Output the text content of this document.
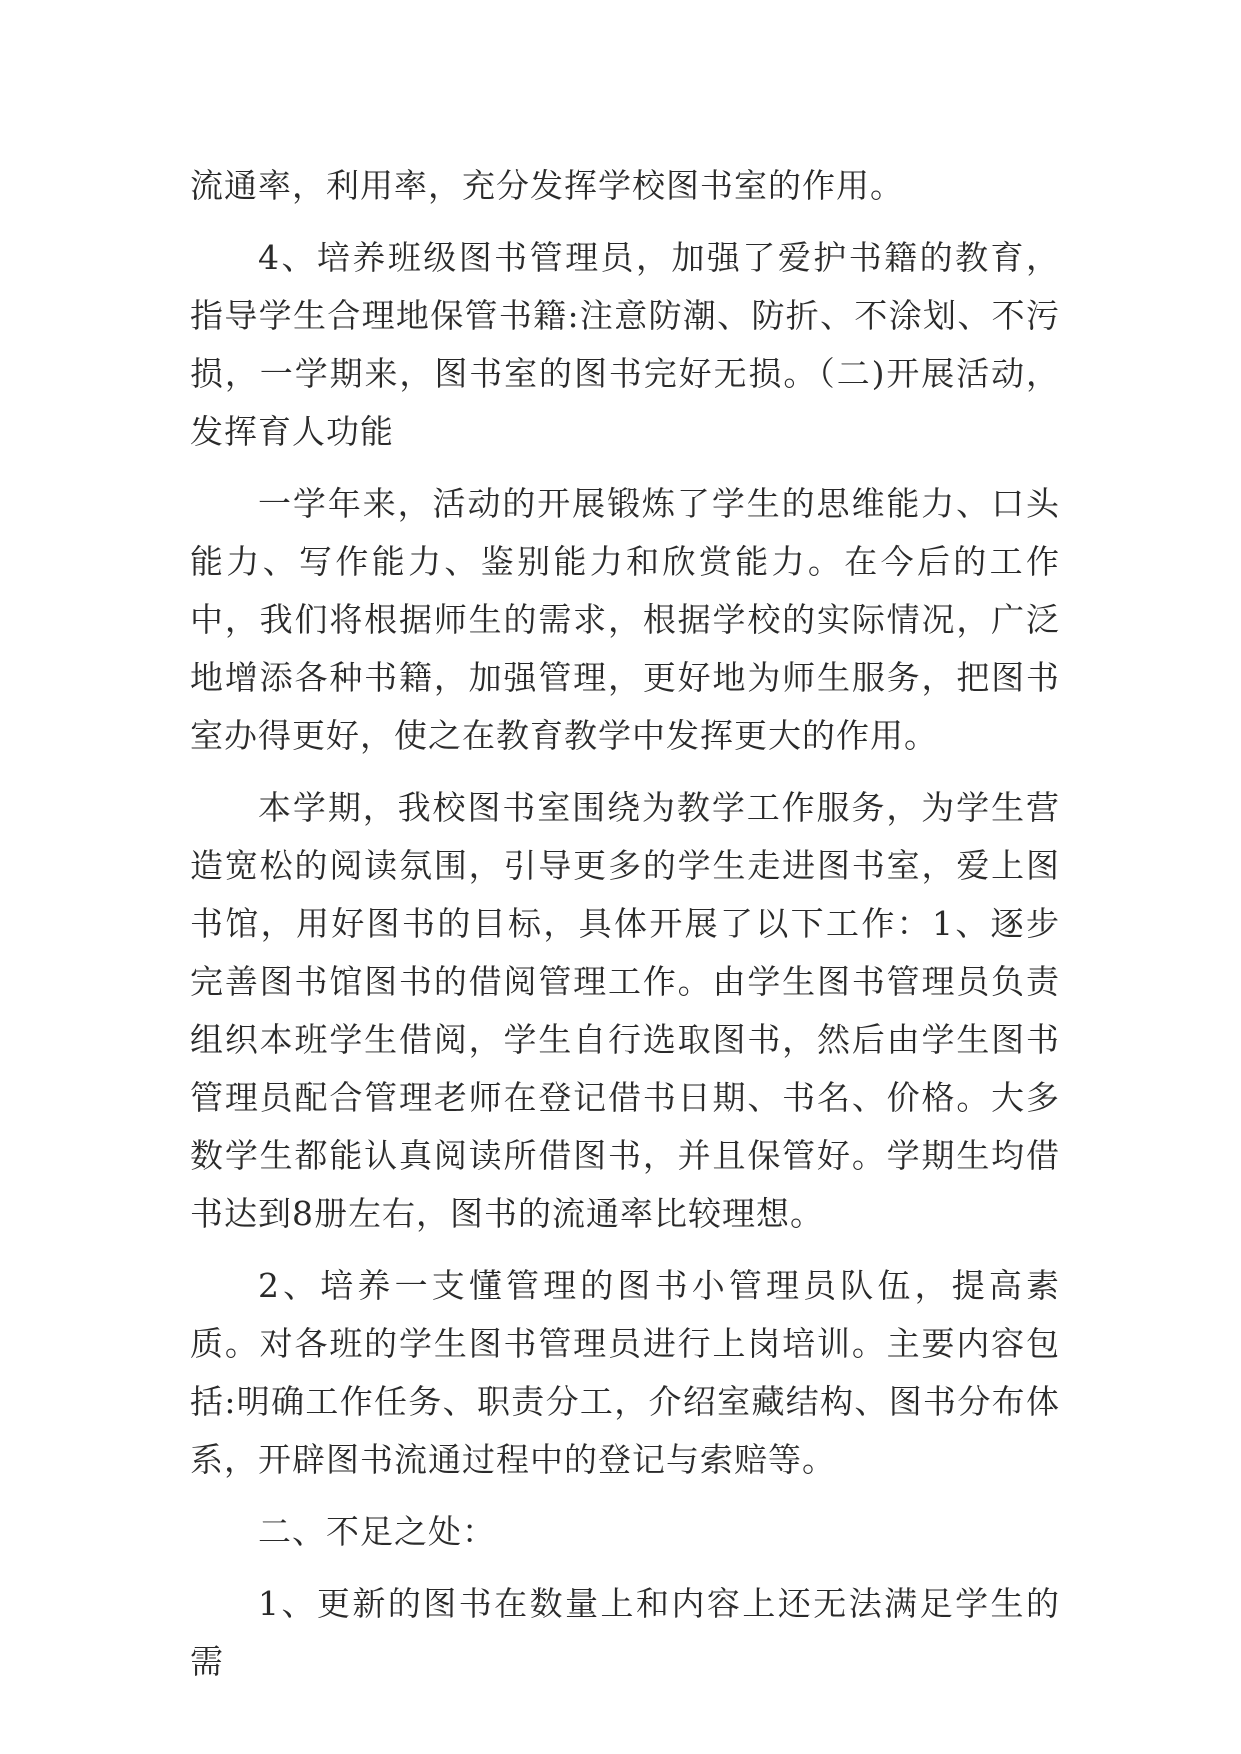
流通率，利用率，充分发挥学校图书室的作用。

4、培养班级图书管理员，加强了爱护书籍的教育，指导学生合理地保管书籍:注意防潮、防折、不涂划、不污损，一学期来，图书室的图书完好无损。（二)开展活动，发挥育人功能

一学年来，活动的开展锻炼了学生的思维能力、口头能力、写作能力、鉴别能力和欣赏能力。在今后的工作中，我们将根据师生的需求，根据学校的实际情况，广泛地增添各种书籍，加强管理，更好地为师生服务，把图书室办得更好，使之在教育教学中发挥更大的作用。

本学期，我校图书室围绕为教学工作服务，为学生营造宽松的阅读氛围，引导更多的学生走进图书室，爱上图书馆，用好图书的目标，具体开展了以下工作：1、逐步完善图书馆图书的借阅管理工作。由学生图书管理员负责组织本班学生借阅，学生自行选取图书，然后由学生图书管理员配合管理老师在登记借书日期、书名、价格。大多数学生都能认真阅读所借图书，并且保管好。学期生均借书达到8册左右，图书的流通率比较理想。

2、培养一支懂管理的图书小管理员队伍，提高素质。对各班的学生图书管理员进行上岗培训。主要内容包括:明确工作任务、职责分工，介绍室藏结构、图书分布体系，开辟图书流通过程中的登记与索赔等。

二、不足之处：

1、更新的图书在数量上和内容上还无法满足学生的需
